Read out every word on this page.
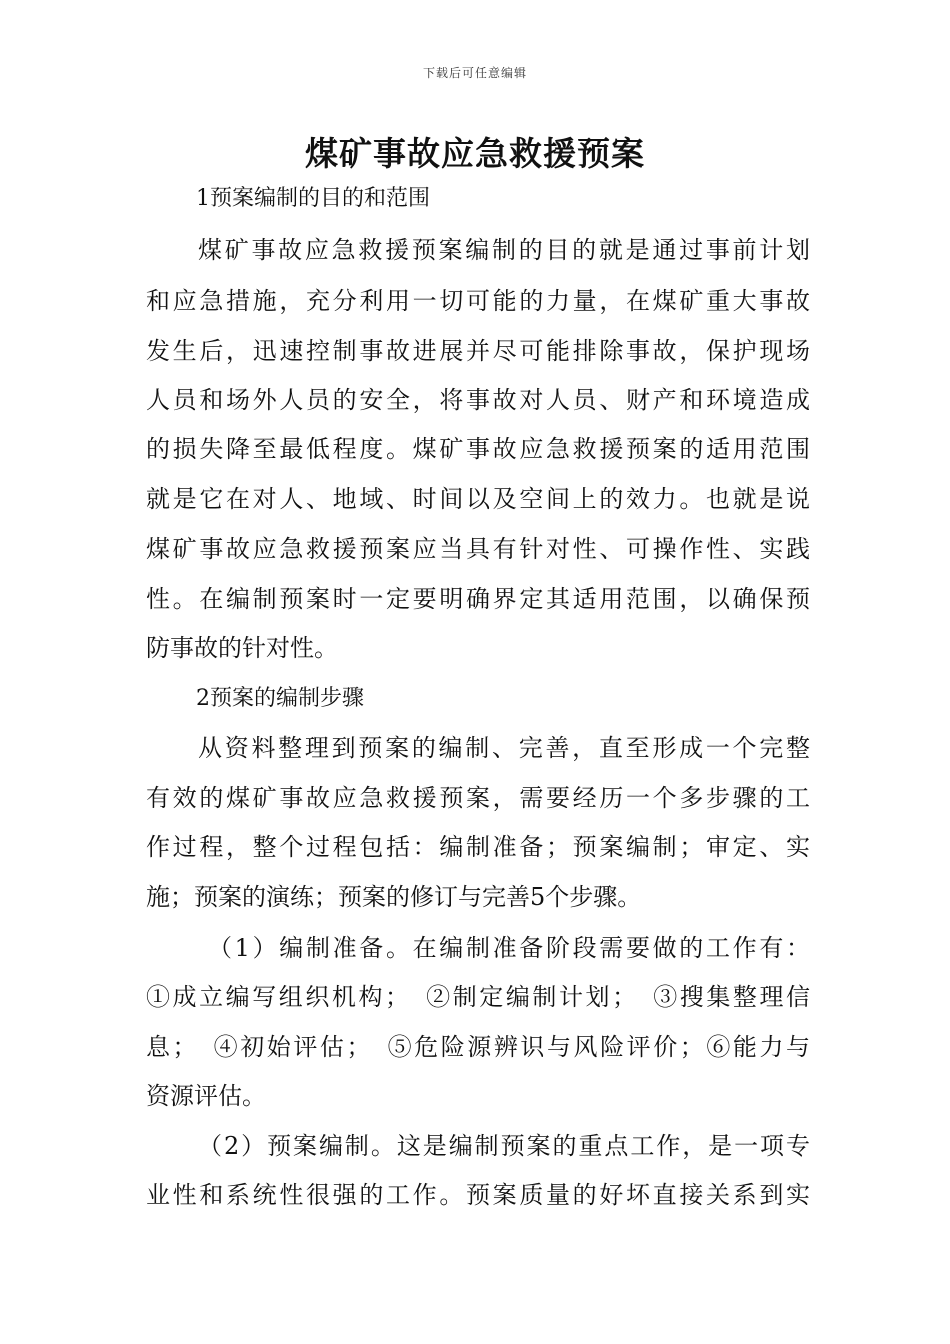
下载后可任意编辑
煤矿事故应急救援预案
1预案编制的目的和范围
煤矿事故应急救援预案编制的目的就是通过事前计划
和应急措施，充分利用一切可能的力量，在煤矿重大事故
发生后，迅速控制事故进展并尽可能排除事故，保护现场
人员和场外人员的安全，将事故对人员、财产和环境造成
的损失降至最低程度。煤矿事故应急救援预案的适用范围
就是它在对人、地域、时间以及空间上的效力。也就是说
煤矿事故应急救援预案应当具有针对性、可操作性、实践
性。在编制预案时一定要明确界定其适用范围，以确保预
防事故的针对性。
2预案的编制步骤
从资料整理到预案的编制、完善，直至形成一个完整
有效的煤矿事故应急救援预案，需要经历一个多步骤的工
作过程，整个过程包括：编制准备；预案编制；审定、实
施；预案的演练；预案的修订与完善5个步骤。
（1）编制准备。在编制准备阶段需要做的工作有：
①成立编写组织机构；　②制定编制计划；　③搜集整理信
息；　④初始评估；　⑤危险源辨识与风险评价；⑥能力与
资源评估。
（2）预案编制。这是编制预案的重点工作，是一项专
业性和系统性很强的工作。预案质量的好坏直接关系到实
